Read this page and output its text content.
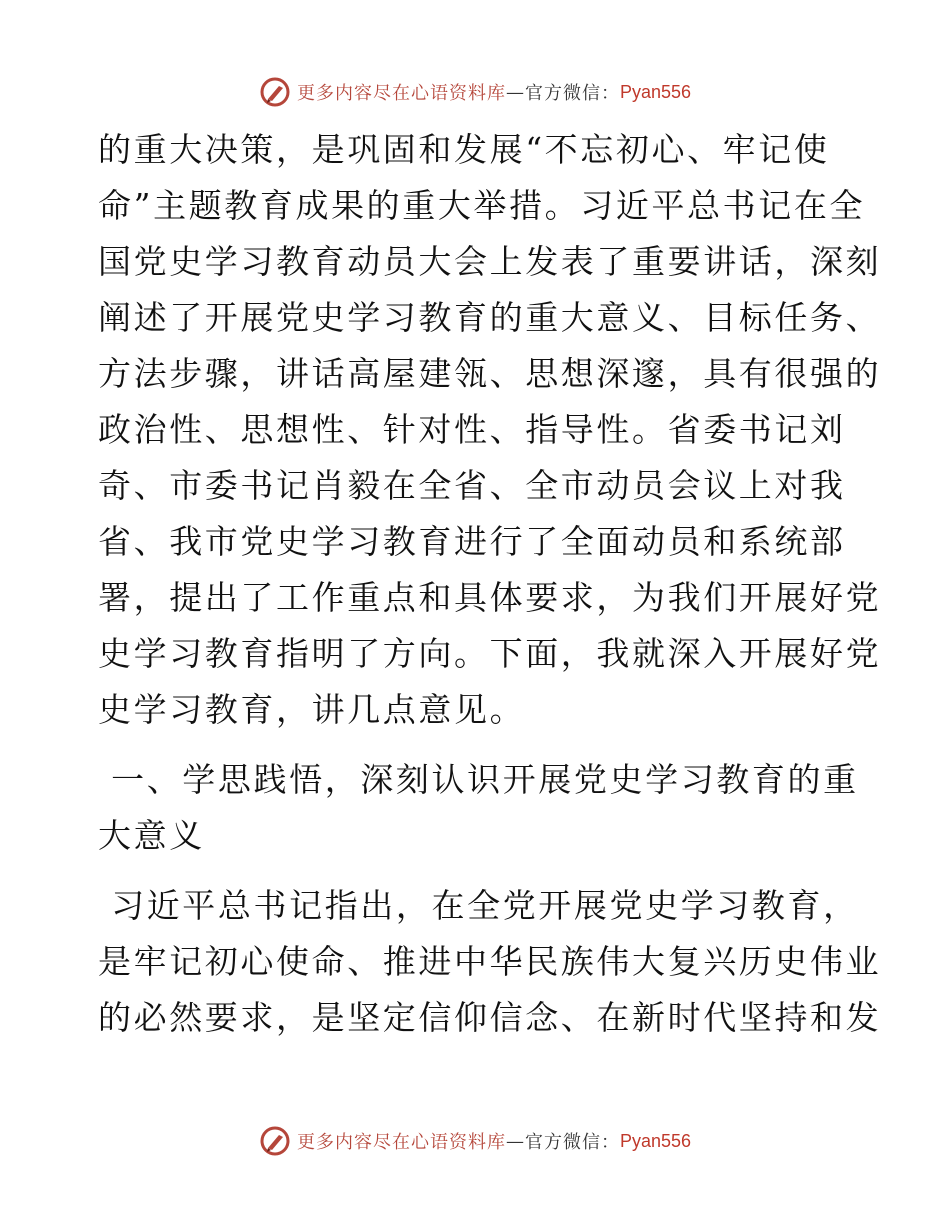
更多内容尽在心语资料库 — 官方微信： Pyan556

的重大决策，是巩固和发展“不忘初心、牢记使
命”主题教育成果的重大举措。习近平总书记在全
国党史学习教育动员大会上发表了重要讲话，深刻
阐述了开展党史学习教育的重大意义、目标任务、
方法步骤，讲话高屋建瓴、思想深邃，具有很强的
政治性、思想性、针对性、指导性。省委书记刘
奇、市委书记肖毅在全省、全市动员会议上对我
省、我市党史学习教育进行了全面动员和系统部
署，提出了工作重点和具体要求，为我们开展好党
史学习教育指明了方向。下面，我就深入开展好党
史学习教育，讲几点意见。

一、学思践悟，深刻认识开展党史学习教育的重
大意义

习近平总书记指出，在全党开展党史学习教育，
是牢记初心使命、推进中华民族伟大复兴历史伟业
的必然要求，是坚定信仰信念、在新时代坚持和发

更多内容尽在心语资料库 — 官方微信： Pyan556
